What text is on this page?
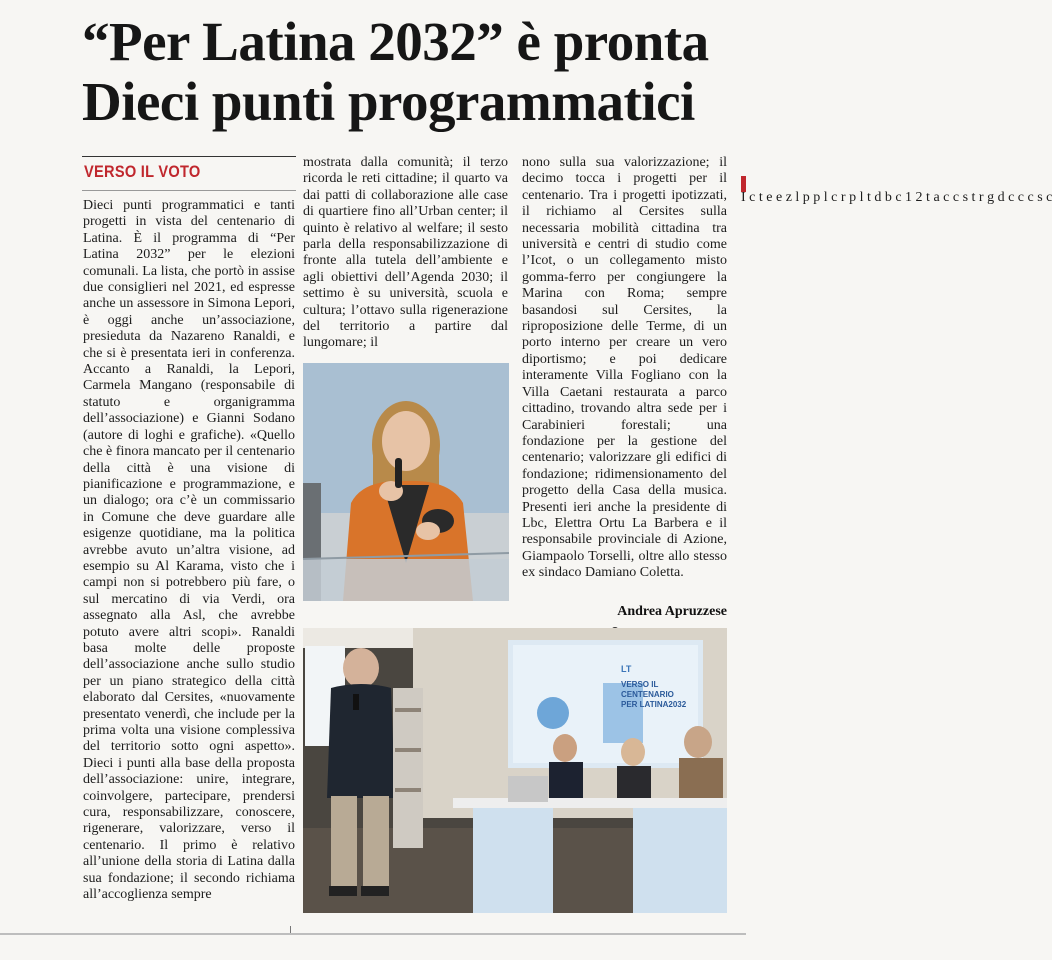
“Per Latina 2032” è pronta
Dieci punti programmatici
VERSO IL VOTO

Dieci punti programmatici e tanti progetti in vista del centenario di Latina. È il programma di “Per Latina 2032” per le elezioni comunali. La lista, che portò in assise due consiglieri nel 2021, ed espresse anche un assessore in Simona Lepori, è oggi anche un’associazione, presieduta da Nazareno Ranaldi, e che si è presentata ieri in conferenza. Accanto a Ranaldi, la Lepori, Carmela Mangano (responsabile di statuto e organigramma dell’associazione) e Gianni Sodano (autore di loghi e grafiche). «Quello che è finora mancato per il centenario della città è una visione di pianificazione e programmazione, e un dialogo; ora c’è un commissario in Comune che deve guardare alle esigenze quotidiane, ma la politica avrebbe avuto un’altra visione, ad esempio su Al Karama, visto che i campi non si potrebbero più fare, o sul mercatino di via Verdi, ora assegnato alla Asl, che avrebbe potuto avere altri scopi». Ranaldi basa molte delle proposte dell’associazione anche sullo studio per un piano strategico della città elaborato dal Cersites, «nuovamente presentato venerdì, che include per la prima volta una visione complessiva del territorio sotto ogni aspetto». Dieci i punti alla base della proposta dell’associazione: unire, integrare, coinvolgere, partecipare, prendersi cura, responsabilizzare, conoscere, rigenerare, valorizzare, verso il centenario. Il primo è relativo all’unione della storia di Latina dalla sua fondazione; il secondo richiama all’accoglienza sempre

mostrata dalla comunità; il terzo ricorda le reti cittadine; il quarto va dai patti di collaborazione alle case di quartiere fino all’Urban center; il quinto è relativo al welfare; il sesto parla della responsabilizzazione di fronte alla tutela dell’ambiente e agli obiettivi dell’Agenda 2030; il settimo è su università, scuola e cultura; l’ottavo sulla rigenerazione del territorio a partire dal lungomare; il

nono sulla sua valorizzazione; il decimo tocca i progetti per il centenario. Tra i progetti ipotizzati, il richiamo al Cersites sulla necessaria mobilità cittadina tra università e centri di studio come l’Icot, o un collegamento misto gomma-ferro per congiungere la Marina con Roma; sempre basandosi sul Cersites, la riproposizione delle Terme, di un porto interno per creare un vero diportismo; e poi dedicare interamente Villa Fogliano con la Villa Caetani restaurata a parco cittadino, trovando altra sede per i Carabinieri forestali; una fondazione per la gestione del centenario; valorizzare gli edifici di fondazione; ridimensionamento del progetto della Casa della musica. Presenti ieri anche la presidente di Lbc, Elettra Ortu La Barbera e il responsabile provinciale di Azione, Giampaolo Torselli, oltre allo stesso ex sindaco Damiano Coletta.

I c t e e z l p p l c r p l t d b c 1 2 t a c c s t r g d c c c s c

Andrea Apruzzese

LT
VERSO IL
CENTENARIO
PER LATINA2032
